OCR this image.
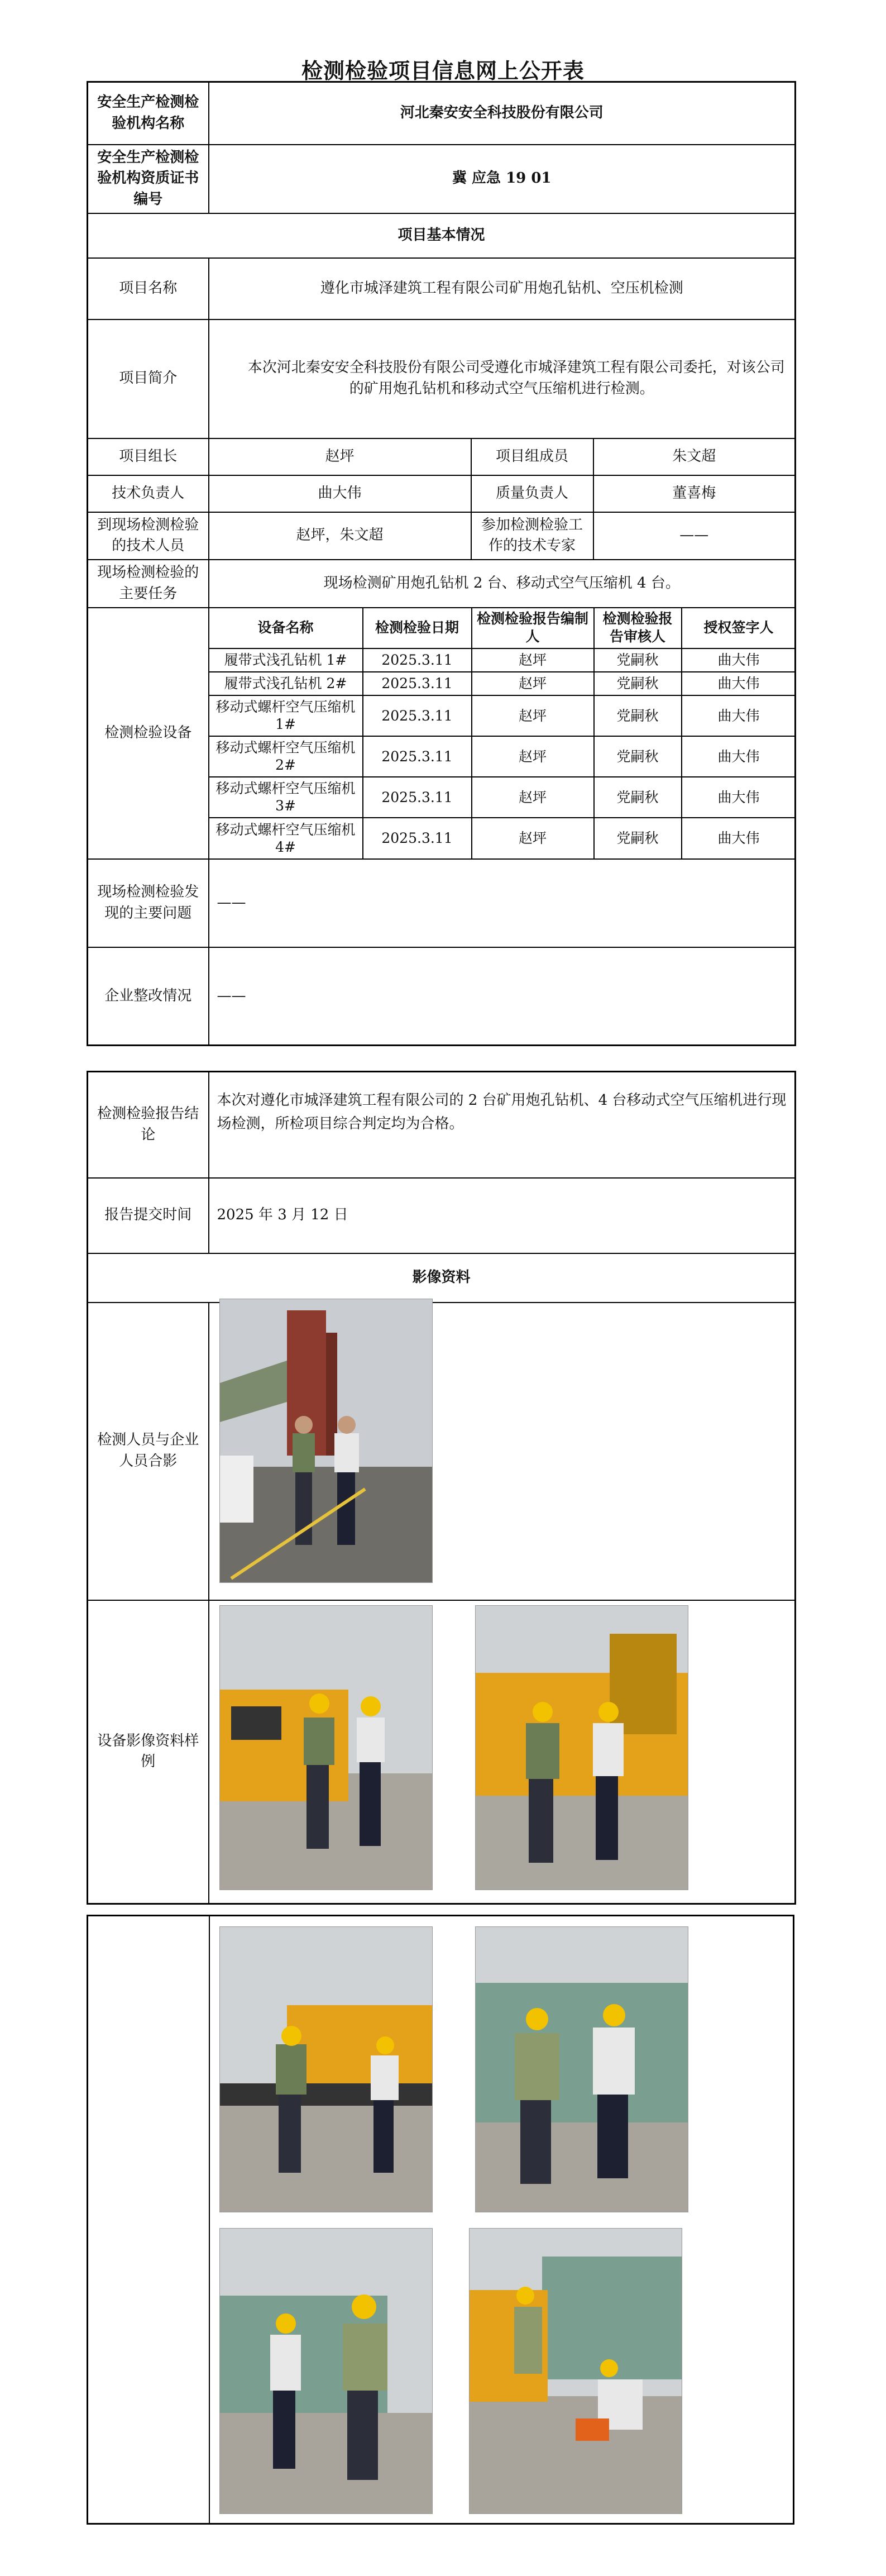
检测检验项目信息网上公开表
安全生产检测检验机构名称	河北秦安安全科技股份有限公司
安全生产检测检验机构资质证书编号	冀 应急 19 01
项目基本情况
项目名称	遵化市城泽建筑工程有限公司矿用炮孔钻机、空压机检测
项目简介	本次河北秦安安全科技股份有限公司受遵化市城泽建筑工程有限公司委托，对该公司的矿用炮孔钻机和移动式空气压缩机进行检测。
项目组长	赵坪	项目组成员	朱文超
技术负责人	曲大伟	质量负责人	董喜梅
到现场检测检验的技术人员	赵坪，朱文超	参加检测检验工作的技术专家	——
现场检测检验的主要任务	现场检测矿用炮孔钻机 2 台、移动式空气压缩机 4 台。
检测检验设备	
设备名称	检测检验日期	检测检验报告编制人	检测检验报告审核人	授权签字人
履带式浅孔钻机 1#	2025.3.11	赵坪	党嗣秋	曲大伟
履带式浅孔钻机 2#	2025.3.11	赵坪	党嗣秋	曲大伟
移动式螺杆空气压缩机 1#	2025.3.11	赵坪	党嗣秋	曲大伟
移动式螺杆空气压缩机 2#	2025.3.11	赵坪	党嗣秋	曲大伟
移动式螺杆空气压缩机 3#	2025.3.11	赵坪	党嗣秋	曲大伟
移动式螺杆空气压缩机 4#	2025.3.11	赵坪	党嗣秋	曲大伟

现场检测检验发现的主要问题	——
企业整改情况	——
检测检验报告结论	本次对遵化市城泽建筑工程有限公司的 2 台矿用炮孔钻机、4 台移动式空气压缩机进行现场检测，所检项目综合判定均为合格。
报告提交时间	2025 年 3 月 12 日
影像资料	
检测人员与企业人员合影	
设备影像资料样例	
